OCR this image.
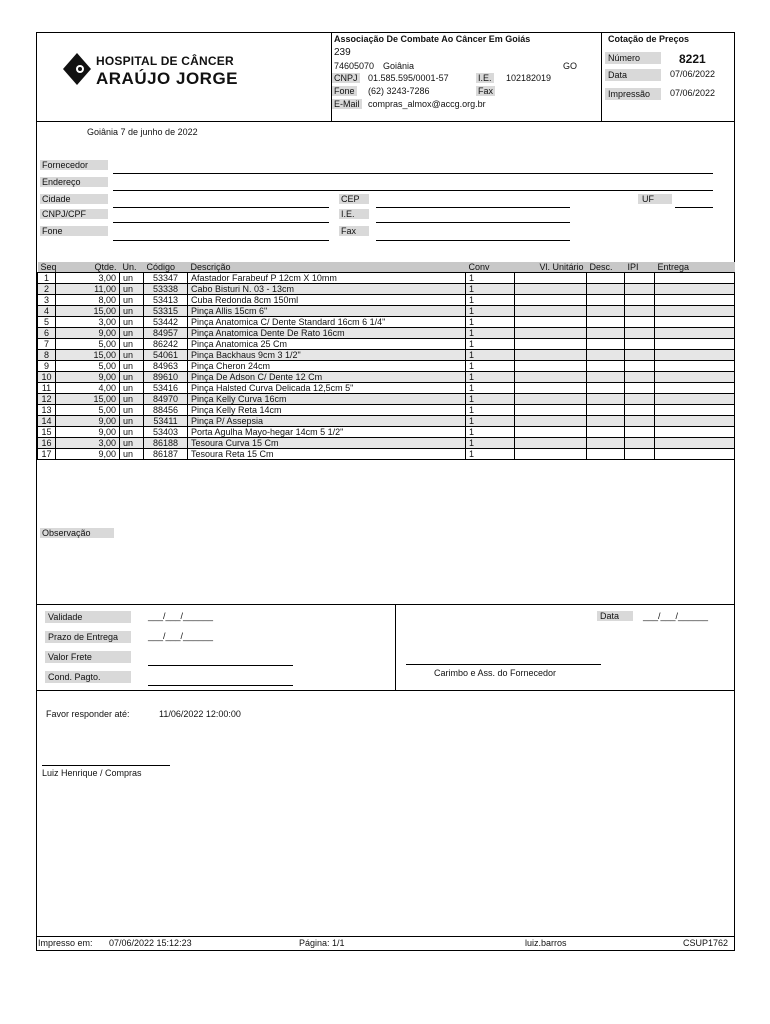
HOSPITAL DE CÂNCER
ARAÚJO JORGE
Associação De Combate Ao Câncer Em Goiás
239
74605070 Goiânia	GO
CNPJ 01.585.595/0001-57	I.E. 102182019
Fone (62) 3243-7286	Fax
E-Mail compras_almox@accg.org.br
Cotação de Preços
Número	8221
Data	07/06/2022
Impressão	07/06/2022
Goiânia 7 de junho de 2022
Fornecedor
Endereço
Cidade	CEP	UF
CNPJ/CPF	I.E.
Fone	Fax
Seq	Qtde.	Un.	Código	Descrição	Conv	Vl. Unitário	Desc.	IPI	Entrega
1	3,00	un	53347	Afastador Farabeuf P 12cm X 10mm	1				
2	11,00	un	53338	Cabo Bisturi N. 03 - 13cm	1				
3	8,00	un	53413	Cuba Redonda 8cm 150ml	1				
4	15,00	un	53315	Pinça Allis 15cm 6"	1				
5	3,00	un	53442	Pinça Anatomica C/ Dente Standard 16cm 6 1/4"	1				
6	9,00	un	84957	Pinça Anatomica Dente De Rato 16cm	1				
7	5,00	un	86242	Pinça Anatomica 25 Cm	1				
8	15,00	un	54061	Pinça Backhaus 9cm 3 1/2"	1				
9	5,00	un	84963	Pinça Cheron 24cm	1				
10	9,00	un	89610	Pinça De Adson C/ Dente 12 Cm	1				
11	4,00	un	53416	Pinça Halsted Curva Delicada 12,5cm 5"	1				
12	15,00	un	84970	Pinça Kelly Curva 16cm	1				
13	5,00	un	88456	Pinça Kelly Reta 14cm	1				
14	9,00	un	53411	Pinça P/ Assepsia	1				
15	9,00	un	53403	Porta Agulha Mayo-hegar 14cm 5 1/2"	1				
16	3,00	un	86188	Tesoura Curva 15 Cm	1				
17	9,00	un	86187	Tesoura Reta 15 Cm	1				
Observação
Validade	___/___/______
Prazo de Entrega	___/___/______
Valor Frete
Cond. Pagto.
Data	___/___/______
Carimbo e Ass. do Fornecedor
Favor responder até:	11/06/2022 12:00:00
Luiz Henrique / Compras
Impresso em: 07/06/2022 15:12:23	Página: 1/1	luiz.barros	CSUP1762
